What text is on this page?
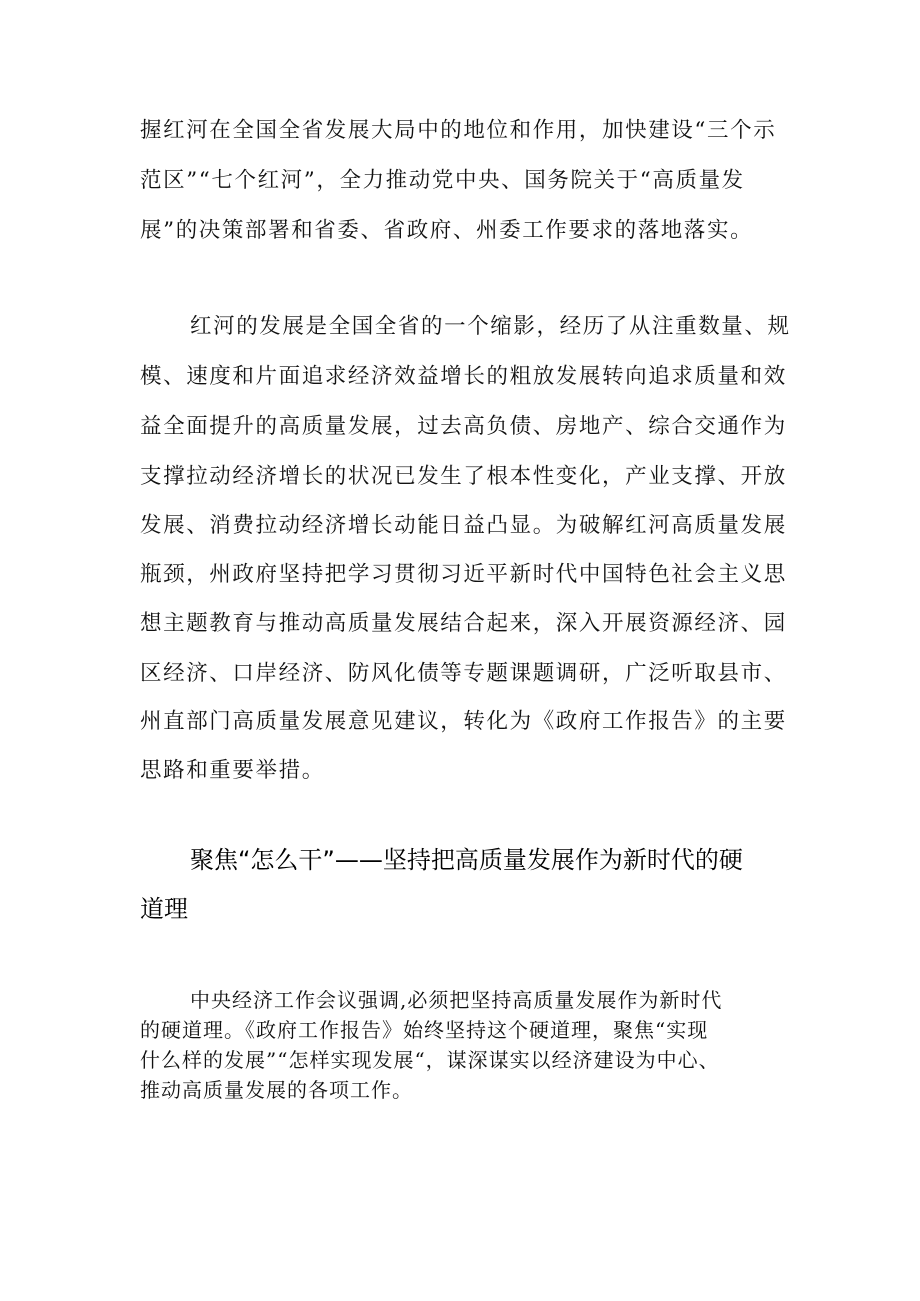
握红河在全国全省发展大局中的地位和作用，加快建设“三个示
范区”“七个红河”，全力推动党中央、国务院关于“高质量发
展”的决策部署和省委、省政府、州委工作要求的落地落实。
红河的发展是全国全省的一个缩影，经历了从注重数量、规
模、速度和片面追求经济效益增长的粗放发展转向追求质量和效
益全面提升的高质量发展，过去高负债、房地产、综合交通作为
支撑拉动经济增长的状况已发生了根本性变化，产业支撑、开放
发展、消费拉动经济增长动能日益凸显。为破解红河高质量发展
瓶颈，州政府坚持把学习贯彻习近平新时代中国特色社会主义思
想主题教育与推动高质量发展结合起来，深入开展资源经济、园
区经济、口岸经济、防风化债等专题课题调研，广泛听取县市、
州直部门高质量发展意见建议，转化为《政府工作报告》的主要
思路和重要举措。
聚焦“怎么干”——坚持把高质量发展作为新时代的硬
道理
中央经济工作会议强调,必须把坚持高质量发展作为新时代
的硬道理。《政府工作报告》始终坚持这个硬道理，聚焦“实现
什么样的发展”“怎样实现发展“，谋深谋实以经济建设为中心、
推动高质量发展的各项工作。
